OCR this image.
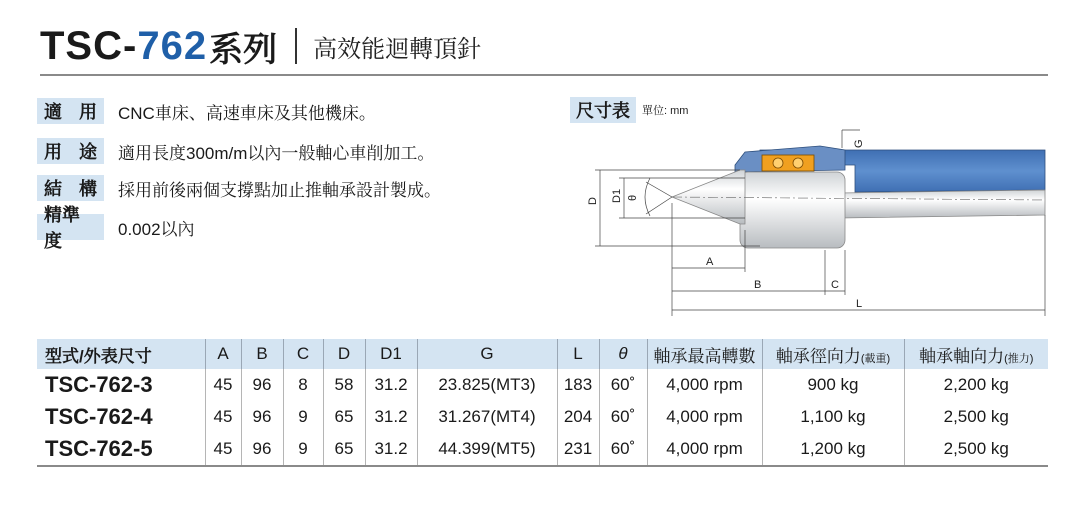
TSC- 762 系列 高效能迴轉頂針
適 用 CNC車床、高速車床及其他機床。
用 途 適用長度300m/m以內一般軸心車削加工。
結 構 採用前後兩個支撐點加止推軸承設計製成。
精準度
0.002以內
尺寸表	單位: mm
D D1 θ
G
A
B	C
L
型式/外表尺寸	A	B	C	D	D1	G	L	θ	軸承最高轉數	軸承徑向力(載重)	軸承軸向力(推力)
TSC-762-3	45	96	8	58	31.2	23.825(MT3)	183	60˚	4,000 rpm	900 kg	2,200 kg
TSC-762-4	45	96	9	65	31.2	31.267(MT4)	204	60˚	4,000 rpm	1,100 kg	2,500 kg
TSC-762-5	45	96	9	65	31.2	44.399(MT5)	231	60˚	4,000 rpm	1,200 kg	2,500 kg
